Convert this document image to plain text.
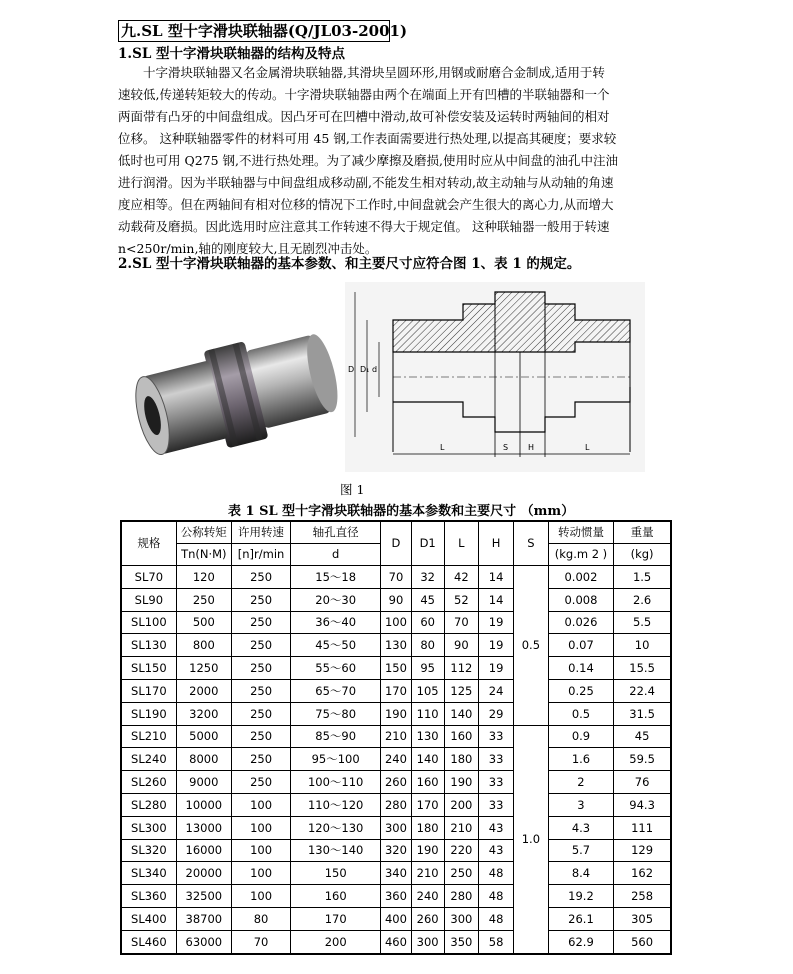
九.SL 型十字滑块联轴器(Q/JL03-2001)
1.SL 型十字滑块联轴器的结构及特点
十字滑块联轴器又名金属滑块联轴器,其滑块呈圆环形,用钢或耐磨合金制成,适用于转
速较低,传递转矩较大的传动。十字滑块联轴器由两个在端面上开有凹槽的半联轴器和一个
两面带有凸牙的中间盘组成。因凸牙可在凹槽中滑动,故可补偿安装及运转时两轴间的相对
位移。 这种联轴器零件的材料可用 45 钢,工作表面需要进行热处理,以提高其硬度；要求较
低时也可用 Q275 钢,不进行热处理。为了减少摩擦及磨损,使用时应从中间盘的油孔中注油
进行润滑。因为半联轴器与中间盘组成移动副,不能发生相对转动,故主动轴与从动轴的角速
度应相等。但在两轴间有相对位移的情况下工作时,中间盘就会产生很大的离心力,从而增大
动载荷及磨损。因此选用时应注意其工作转速不得大于规定值。 这种联轴器一般用于转速
n<250r/min,轴的刚度较大,且无剧烈冲击处。
2.SL 型十字滑块联轴器的基本参数、和主要尺寸应符合图 1、表 1 的规定。
D D₁ d
L	S H	L
图 1
表 1 SL 型十字滑块联轴器的基本参数和主要尺寸 （mm）
规格	公称转矩	许用转速	轴孔直径	D	D1	L	H	S	转动惯量	重量
	Tn(N·M)	[n]r/min	d						(kg.m 2 )	(kg)
SL70	120	250	15～18	70	32	42	14	0.5	0.002	1.5
SL90	250	250	20～30	90	45	52	14		0.008	2.6
SL100	500	250	36～40	100	60	70	19		0.026	5.5
SL130	800	250	45～50	130	80	90	19		0.07	10
SL150	1250	250	55～60	150	95	112	19		0.14	15.5
SL170	2000	250	65～70	170	105	125	24		0.25	22.4
SL190	3200	250	75～80	190	110	140	29		0.5	31.5
SL210	5000	250	85～90	210	130	160	33	1.0	0.9	45
SL240	8000	250	95～100	240	140	180	33		1.6	59.5
SL260	9000	250	100～110	260	160	190	33		2	76
SL280	10000	100	110～120	280	170	200	33		3	94.3
SL300	13000	100	120～130	300	180	210	43		4.3	111
SL320	16000	100	130～140	320	190	220	43		5.7	129
SL340	20000	100	150	340	210	250	48		8.4	162
SL360	32500	100	160	360	240	280	48		19.2	258
SL400	38700	80	170	400	260	300	48		26.1	305
SL460	63000	70	200	460	300	350	58		62.9	560
